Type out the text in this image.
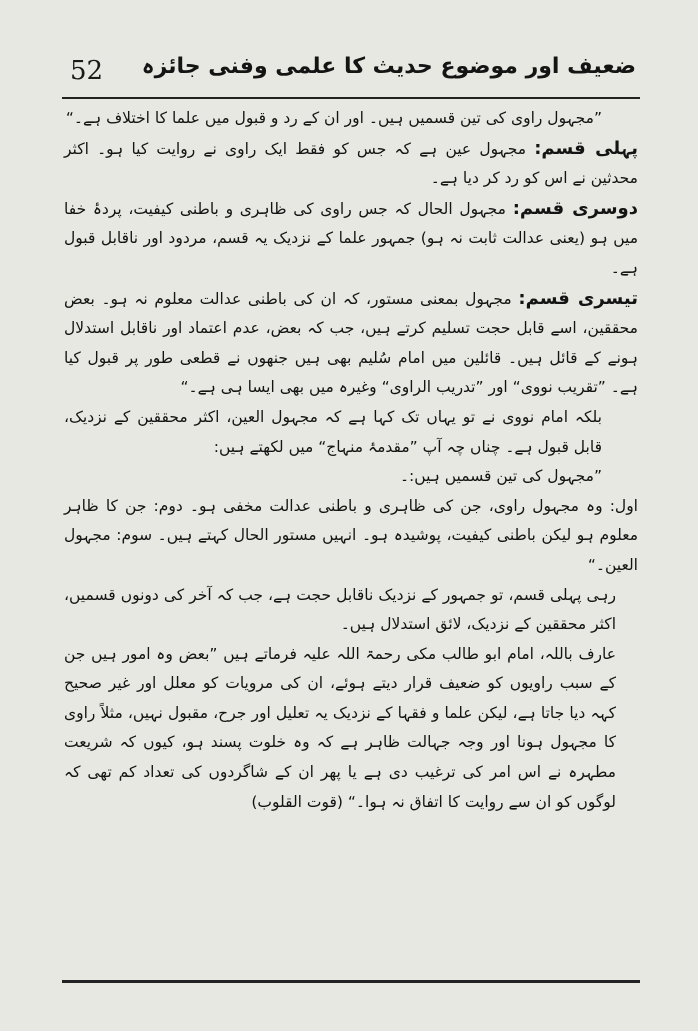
52 ضعیف اور موضوع حدیث کا علمی وفنی جائزہ

”مجہول راوی کی تین قسمیں ہیں۔ اور ان کے رد و قبول میں علما کا اختلاف ہے۔“

پہلی قسم: مجہول عین ہے کہ جس کو فقط ایک راوی نے روایت کیا ہو۔ اکثر محدثین نے اس کو رد کر دیا ہے۔

دوسری قسم: مجہول الحال کہ جس راوی کی ظاہری و باطنی کیفیت، پردۂ خفا میں ہو (یعنی عدالت ثابت نہ ہو) جمہور علما کے نزدیک یہ قسم، مردود اور ناقابل قبول ہے۔

تیسری قسم: مجہول بمعنی مستور، کہ ان کی باطنی عدالت معلوم نہ ہو۔ بعض محققین، اسے قابل حجت تسلیم کرتے ہیں، جب کہ بعض، عدم اعتماد اور ناقابل استدلال ہونے کے قائل ہیں۔ قائلین میں امام سُلیم بھی ہیں جنھوں نے قطعی طور پر قبول کیا ہے۔ ”تقریب نووی“ اور ”تدریب الراوی“ وغیرہ میں بھی ایسا ہی ہے۔“

بلکہ امام نووی نے تو یہاں تک کہا ہے کہ مجہول العین، اکثر محققین کے نزدیک، قابل قبول ہے۔ چناں چہ آپ ”مقدمۂ منہاج“ میں لکھتے ہیں:

”مجہول کی تین قسمیں ہیں:۔

اول: وہ مجہول راوی، جن کی ظاہری و باطنی عدالت مخفی ہو۔ دوم: جن کا ظاہر معلوم ہو لیکن باطنی کیفیت، پوشیدہ ہو۔ انہیں مستور الحال کہتے ہیں۔ سوم: مجہول العین۔“

رہی پہلی قسم، تو جمہور کے نزدیک ناقابل حجت ہے، جب کہ آخر کی دونوں قسمیں، اکثر محققین کے نزدیک، لائق استدلال ہیں۔

عارف باللہ، امام ابو طالب مکی رحمۃ اللہ علیہ فرماتے ہیں ”بعض وہ امور ہیں جن کے سبب راویوں کو ضعیف قرار دیتے ہوئے، ان کی مرویات کو معلل اور غیر صحیح کہہ دیا جاتا ہے، لیکن علما و فقہا کے نزدیک یہ تعلیل اور جرح، مقبول نہیں، مثلاً راوی کا مجہول ہونا اور وجہ جہالت ظاہر ہے کہ وہ خلوت پسند ہو، کیوں کہ شریعت مطہرہ نے اس امر کی ترغیب دی ہے یا پھر ان کے شاگردوں کی تعداد کم تھی کہ لوگوں کو ان سے روایت کا اتفاق نہ ہوا۔“ (قوت القلوب)
